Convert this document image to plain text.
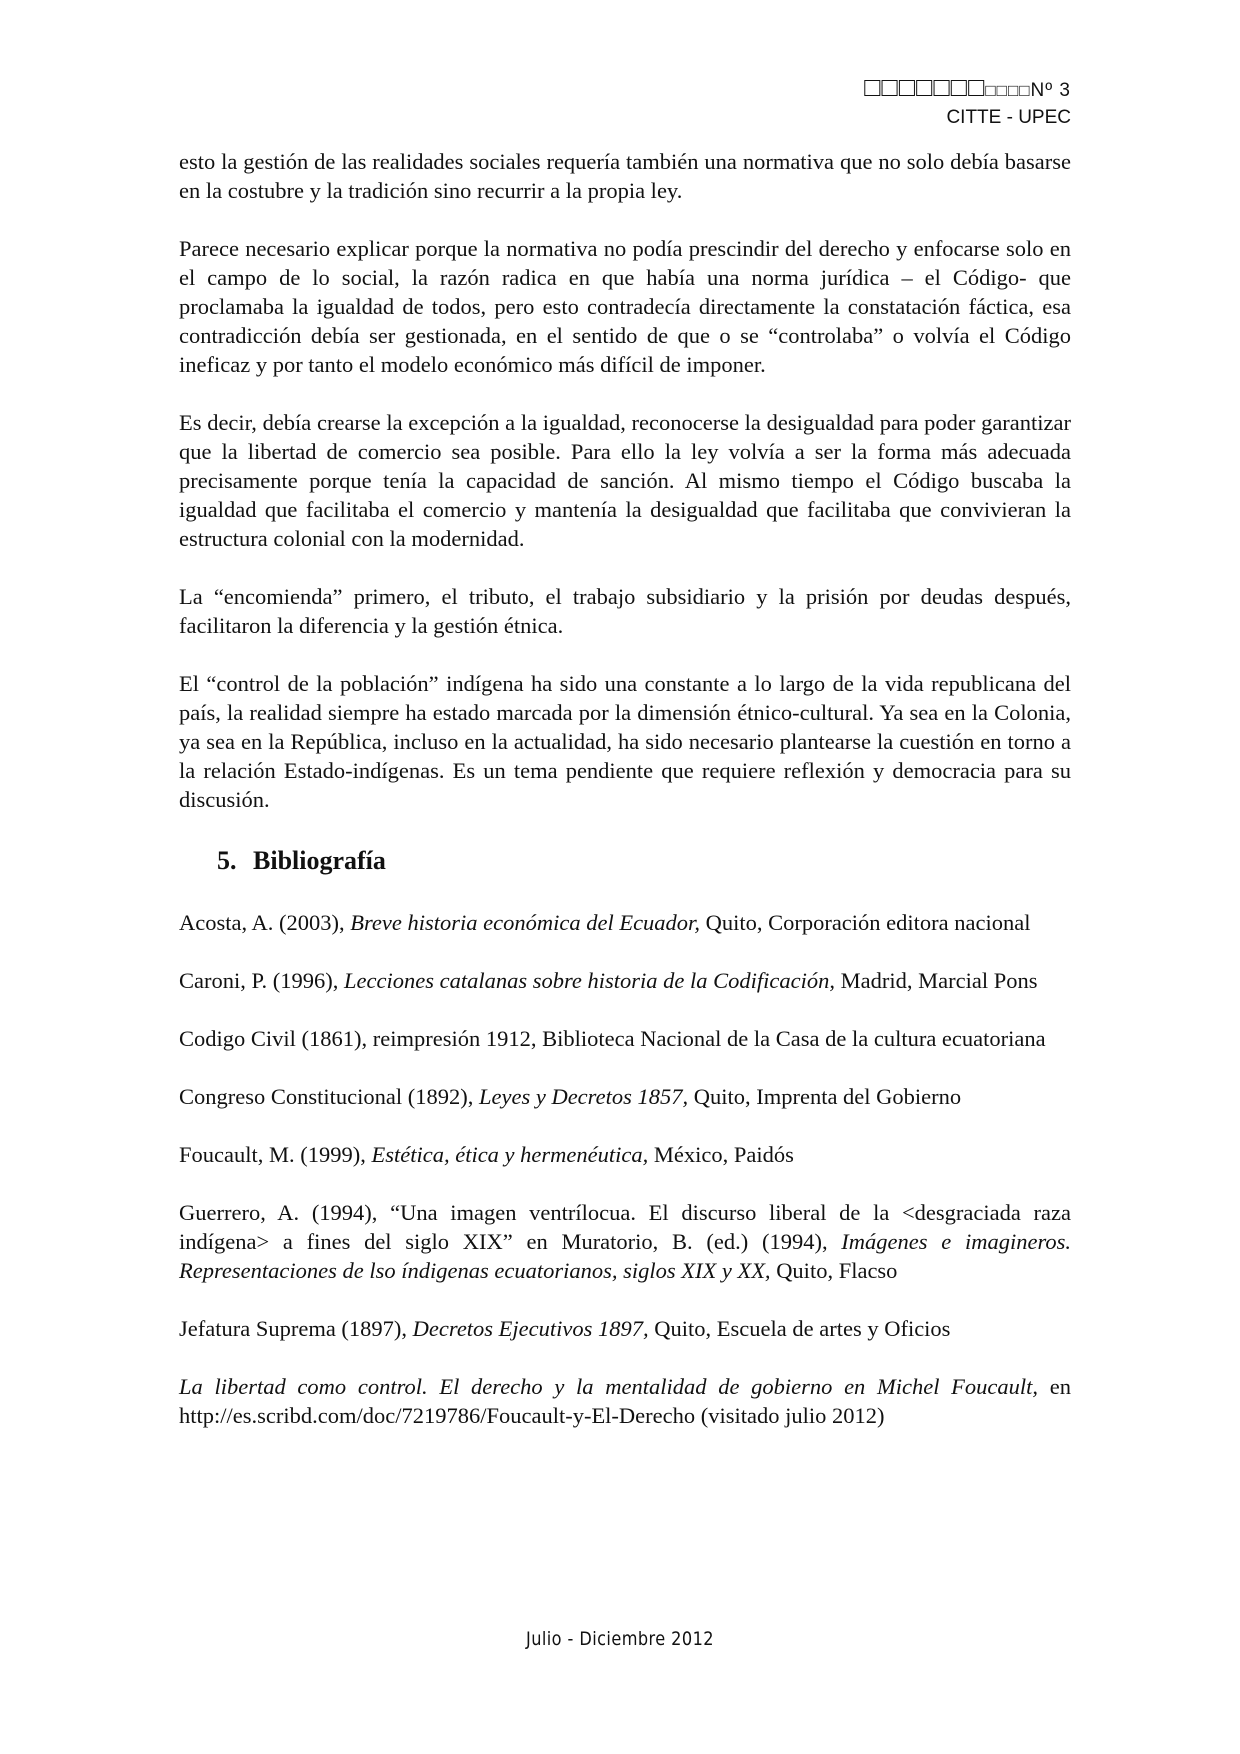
□□□□□□□□□□□Nº 3
CITTE - UPEC

esto la gestión de las realidades sociales requería también una normativa que no solo debía basarse en la costubre y la tradición sino recurrir a la propia ley.

Parece necesario explicar porque la normativa no podía prescindir del derecho y enfocarse solo en el campo de lo social, la razón radica en que había una norma jurídica – el Código- que proclamaba la igualdad de todos, pero esto contradecía directamente la constatación fáctica, esa contradicción debía ser gestionada, en el sentido de que o se “controlaba” o volvía el Código ineficaz y por tanto el modelo económico más difícil de imponer.

Es decir, debía crearse la excepción a la igualdad, reconocerse la desigualdad para poder garantizar que la libertad de comercio sea posible. Para ello la ley volvía a ser la forma más adecuada precisamente porque tenía la capacidad de sanción. Al mismo tiempo el Código buscaba la igualdad que facilitaba el comercio y mantenía la desigualdad que facilitaba que convivieran la estructura colonial con la modernidad.

La “encomienda” primero, el tributo, el trabajo subsidiario y la prisión por deudas después, facilitaron la diferencia y la gestión étnica.

El “control de la población” indígena ha sido una constante a lo largo de la vida republicana del país, la realidad siempre ha estado marcada por la dimensión étnico-cultural. Ya sea en la Colonia, ya sea en la República, incluso en la actualidad, ha sido necesario plantearse la cuestión en torno a la relación Estado-indígenas. Es un tema pendiente que requiere reflexión y democracia para su discusión.

5. Bibliografía

Acosta, A. (2003), Breve historia económica del Ecuador, Quito, Corporación editora nacional

Caroni, P. (1996), Lecciones catalanas sobre historia de la Codificación, Madrid, Marcial Pons

Codigo Civil (1861), reimpresión 1912, Biblioteca Nacional de la Casa de la cultura ecuatoriana

Congreso Constitucional (1892), Leyes y Decretos 1857, Quito, Imprenta del Gobierno

Foucault, M. (1999), Estética, ética y hermenéutica, México, Paidós

Guerrero, A. (1994), “Una imagen ventrílocua. El discurso liberal de la <desgraciada raza indígena> a fines del siglo XIX” en Muratorio, B. (ed.) (1994), Imágenes e imagineros. Representaciones de lso índigenas ecuatorianos, siglos XIX y XX, Quito, Flacso

Jefatura Suprema (1897), Decretos Ejecutivos 1897, Quito, Escuela de artes y Oficios

La libertad como control. El derecho y la mentalidad de gobierno en Michel Foucault, en http://es.scribd.com/doc/7219786/Foucault-y-El-Derecho (visitado julio 2012)

Julio - Diciembre 2012
